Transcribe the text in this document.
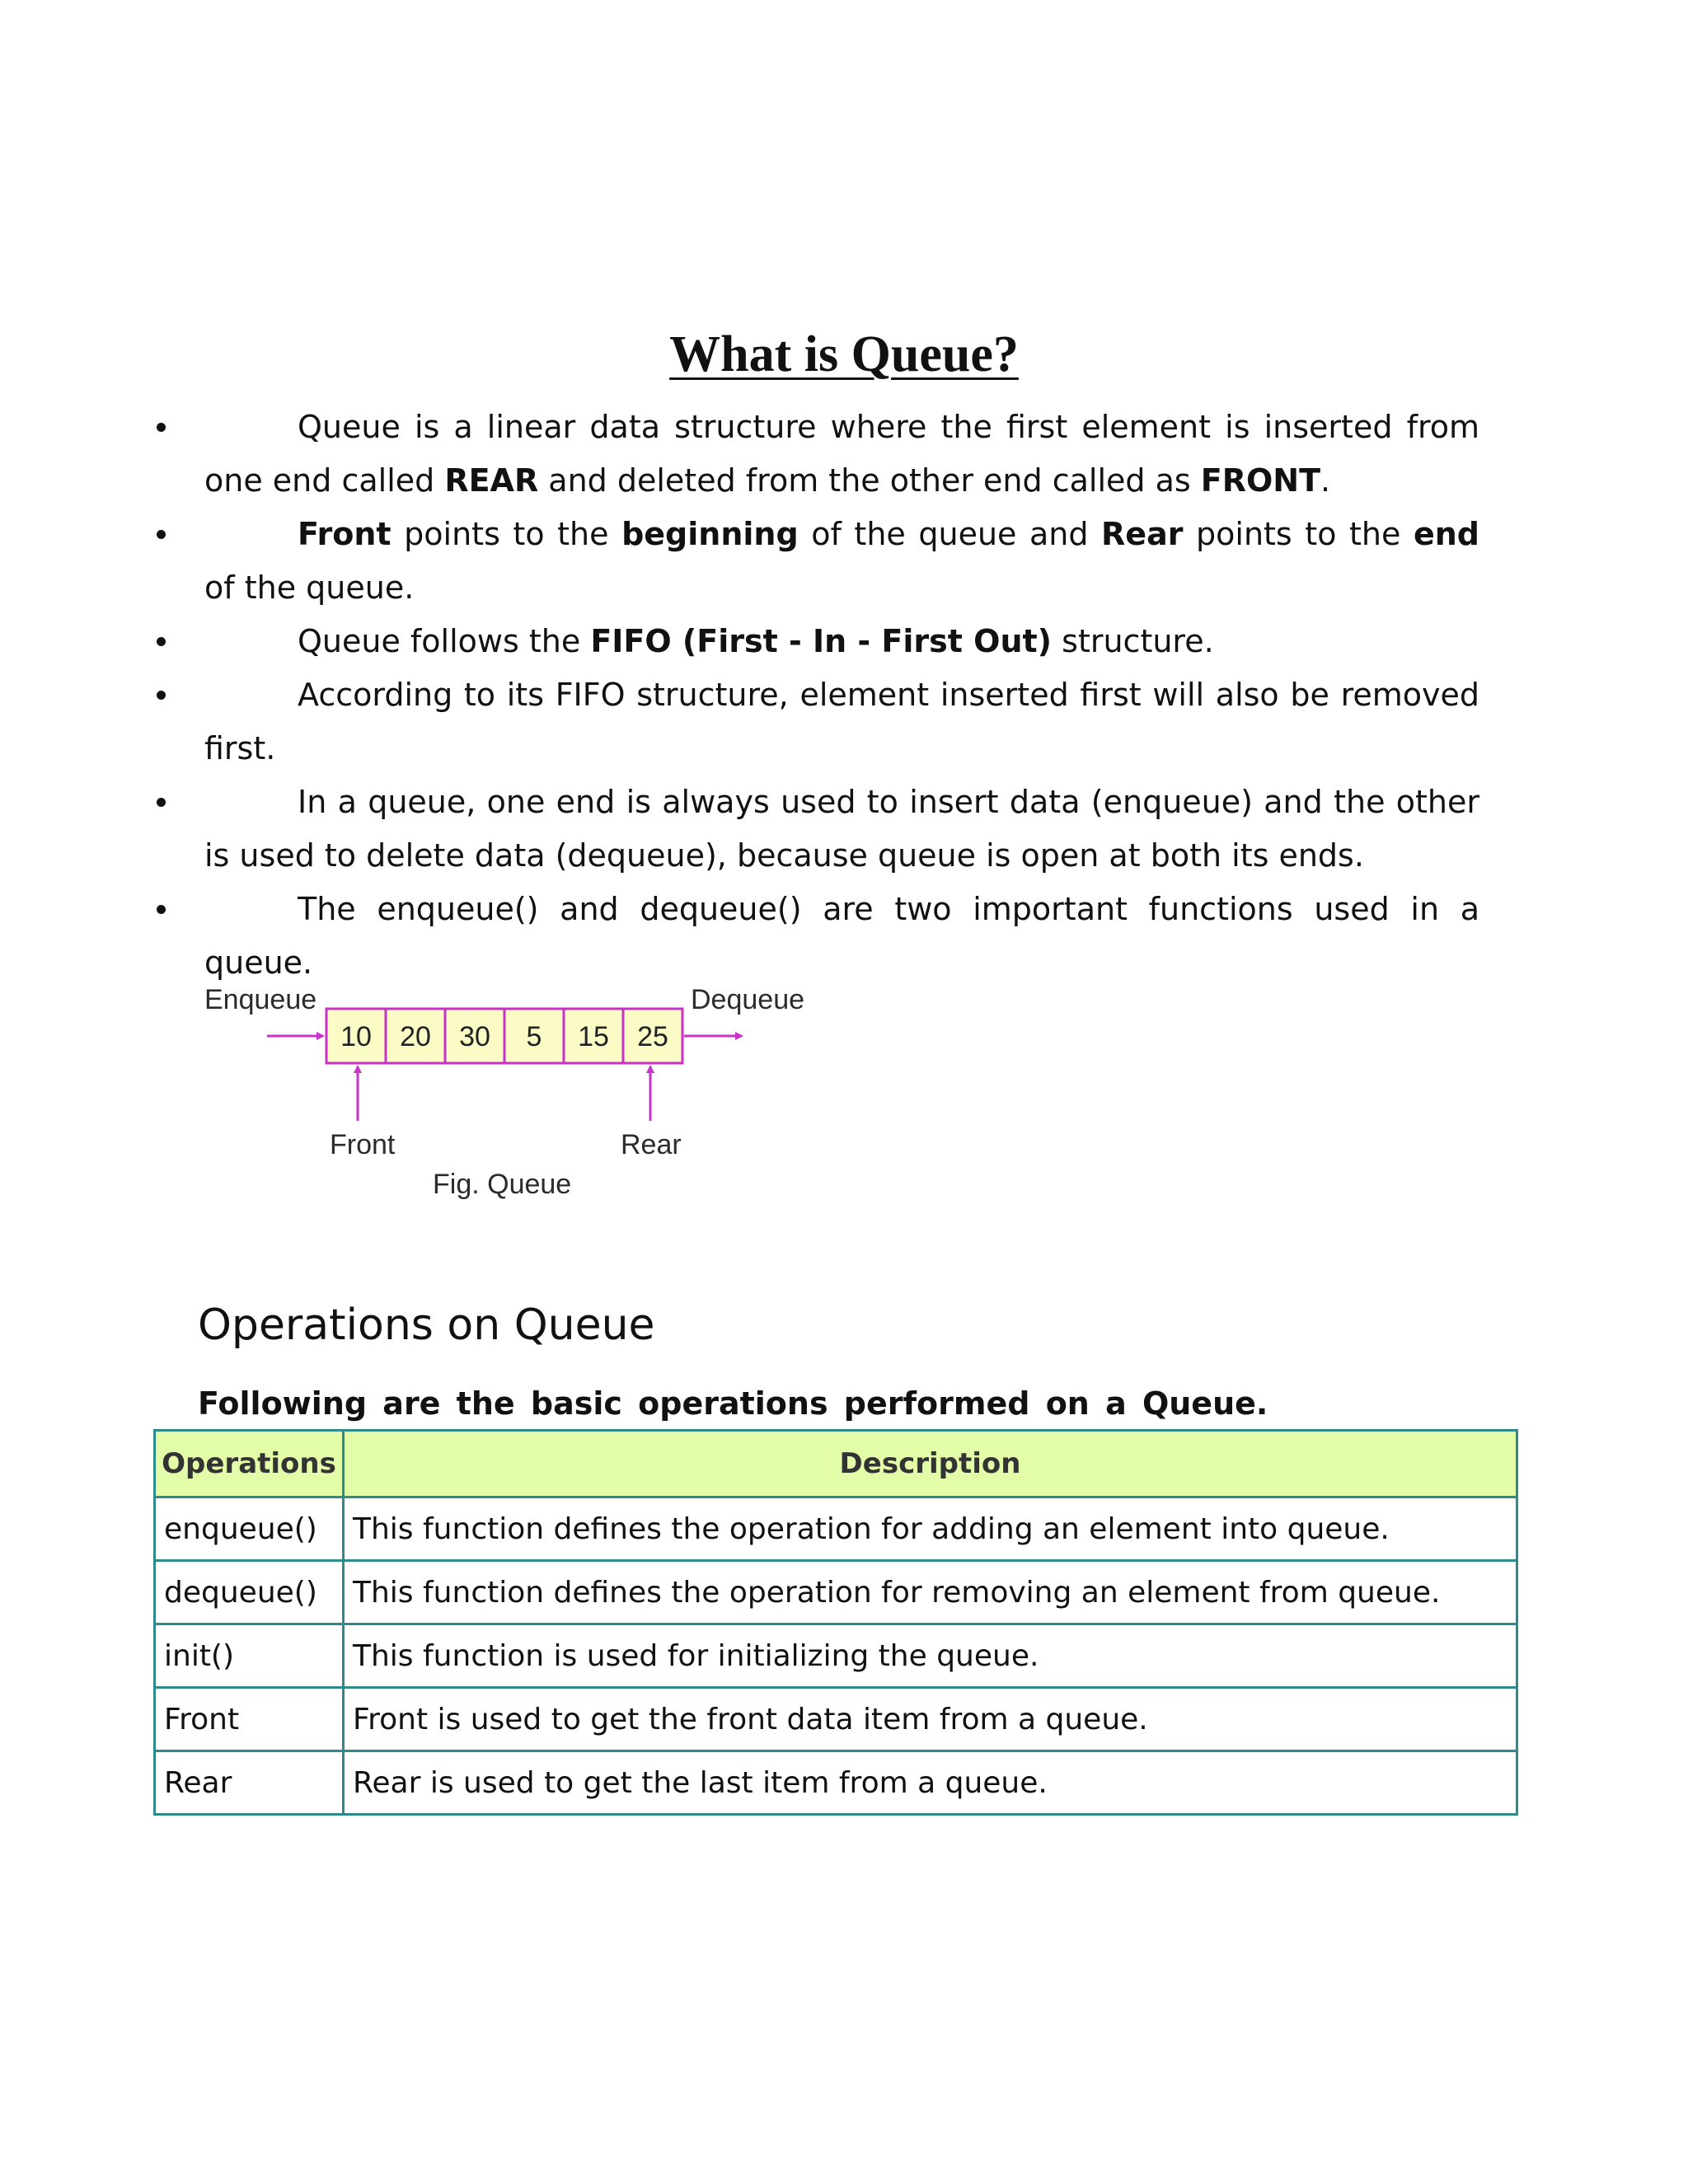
What is Queue?
Queue is a linear data structure where the first element is inserted from one end called REAR and deleted from the other end called as FRONT.
Front points to the beginning of the queue and Rear points to the end of the queue.
Queue follows the FIFO (First - In - First Out) structure.
According to its FIFO structure, element inserted first will also be removed first.
In a queue, one end is always used to insert data (enqueue) and the other is used to delete data (dequeue), because queue is open at both its ends.
The enqueue() and dequeue() are two important functions used in a queue.
Enqueue	Dequeue
10 20 30 5 15 25
Front	Rear
Fig. Queue
Operations on Queue

Following are the basic operations performed on a Queue.

Operations	Description
enqueue()	This function defines the operation for adding an element into queue.
dequeue()	This function defines the operation for removing an element from queue.
init()	This function is used for initializing the queue.
Front	Front is used to get the front data item from a queue.
Rear	Rear is used to get the last item from a queue.
